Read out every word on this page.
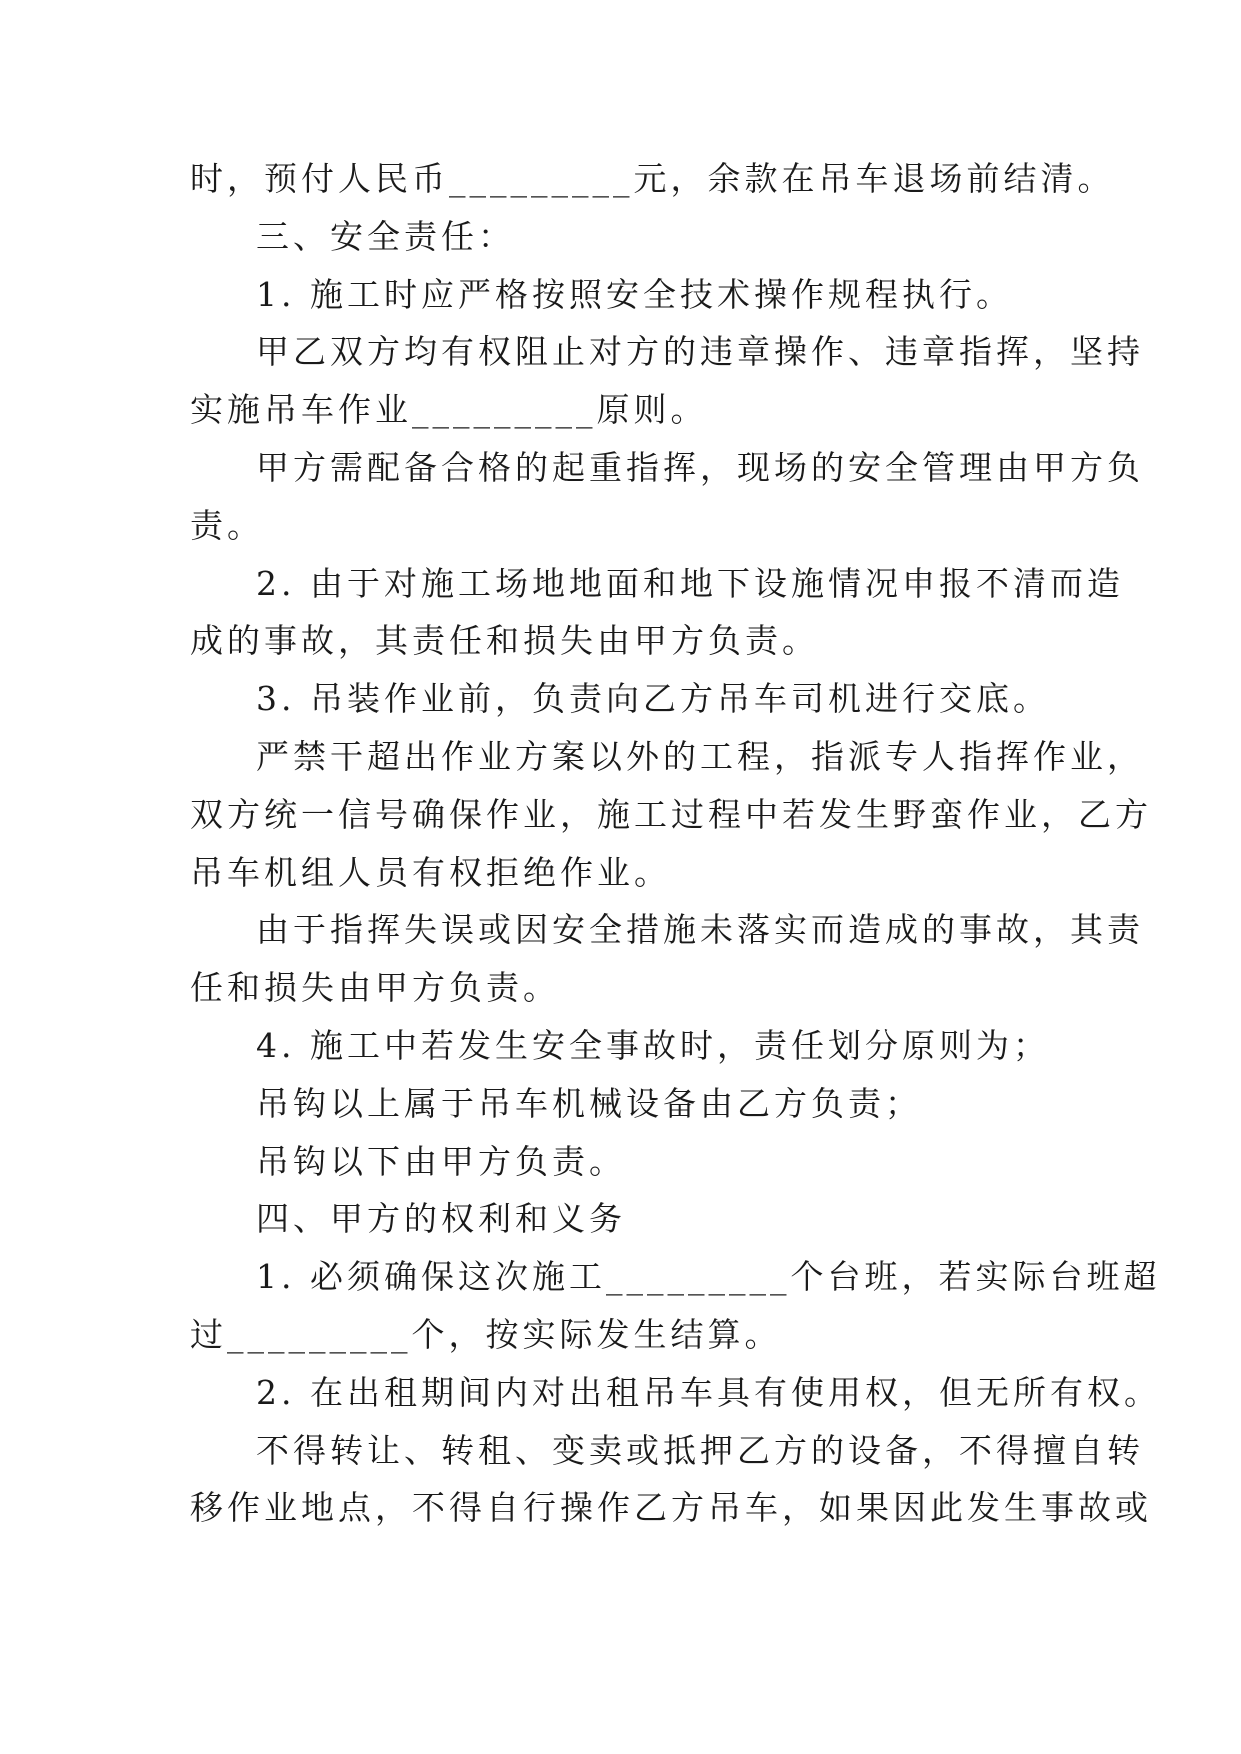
时，预付人民币_________元，余款在吊车退场前结清。

三、安全责任：

1. 施工时应严格按照安全技术操作规程执行。

甲乙双方均有权阻止对方的违章操作、违章指挥，坚持

实施吊车作业_________原则。

甲方需配备合格的起重指挥，现场的安全管理由甲方负

责。

2. 由于对施工场地地面和地下设施情况申报不清而造

成的事故，其责任和损失由甲方负责。

3. 吊装作业前，负责向乙方吊车司机进行交底。

严禁干超出作业方案以外的工程，指派专人指挥作业，

双方统一信号确保作业，施工过程中若发生野蛮作业，乙方

吊车机组人员有权拒绝作业。

由于指挥失误或因安全措施未落实而造成的事故，其责

任和损失由甲方负责。

4. 施工中若发生安全事故时，责任划分原则为；

吊钩以上属于吊车机械设备由乙方负责；

吊钩以下由甲方负责。

四、甲方的权利和义务

1. 必须确保这次施工_________个台班，若实际台班超

过_________个，按实际发生结算。

2. 在出租期间内对出租吊车具有使用权，但无所有权。

不得转让、转租、变卖或抵押乙方的设备，不得擅自转

移作业地点，不得自行操作乙方吊车，如果因此发生事故或
